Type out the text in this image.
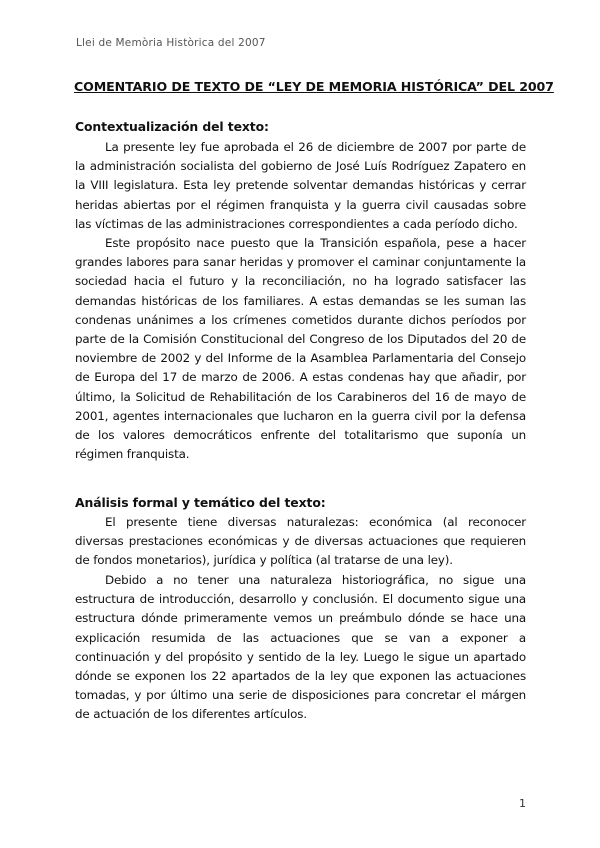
Llei de Memòria Històrica del 2007
COMENTARIO DE TEXTO DE “LEY DE MEMORIA HISTÓRICA” DEL 2007
Contextualización del texto:

La presente ley fue aprobada el 26 de diciembre de 2007 por parte de la administración socialista del gobierno de José Luís Rodríguez Zapatero en la VIII legislatura. Esta ley pretende solventar demandas históricas y cerrar heridas abiertas por el régimen franquista y la guerra civil causadas sobre las víctimas de las administraciones correspondientes a cada período dicho.

Este propósito nace puesto que la Transición española, pese a hacer grandes labores para sanar heridas y promover el caminar conjuntamente la sociedad hacia el futuro y la reconciliación, no ha logrado satisfacer las demandas históricas de los familiares. A estas demandas se les suman las condenas unánimes a los crímenes cometidos durante dichos períodos por parte de la Comisión Constitucional del Congreso de los Diputados del 20 de noviembre de 2002 y del Informe de la Asamblea Parlamentaria del Consejo de Europa del 17 de marzo de 2006. A estas condenas hay que añadir, por último, la Solicitud de Rehabilitación de los Carabineros del 16 de mayo de 2001, agentes internacionales que lucharon en la guerra civil por la defensa de los valores democráticos enfrente del totalitarismo que suponía un régimen franquista.

Análisis formal y temático del texto:

El presente tiene diversas naturalezas: económica (al reconocer diversas prestaciones económicas y de diversas actuaciones que requieren de fondos monetarios), jurídica y política (al tratarse de una ley).

Debido a no tener una naturaleza historiográfica, no sigue una estructura de introducción, desarrollo y conclusión. El documento sigue una estructura dónde primeramente vemos un preámbulo dónde se hace una explicación resumida de las actuaciones que se van a exponer a continuación y del propósito y sentido de la ley. Luego le sigue un apartado dónde se exponen los 22 apartados de la ley que exponen las actuaciones tomadas, y por último una serie de disposiciones para concretar el márgen de actuación de los diferentes artículos.

1
